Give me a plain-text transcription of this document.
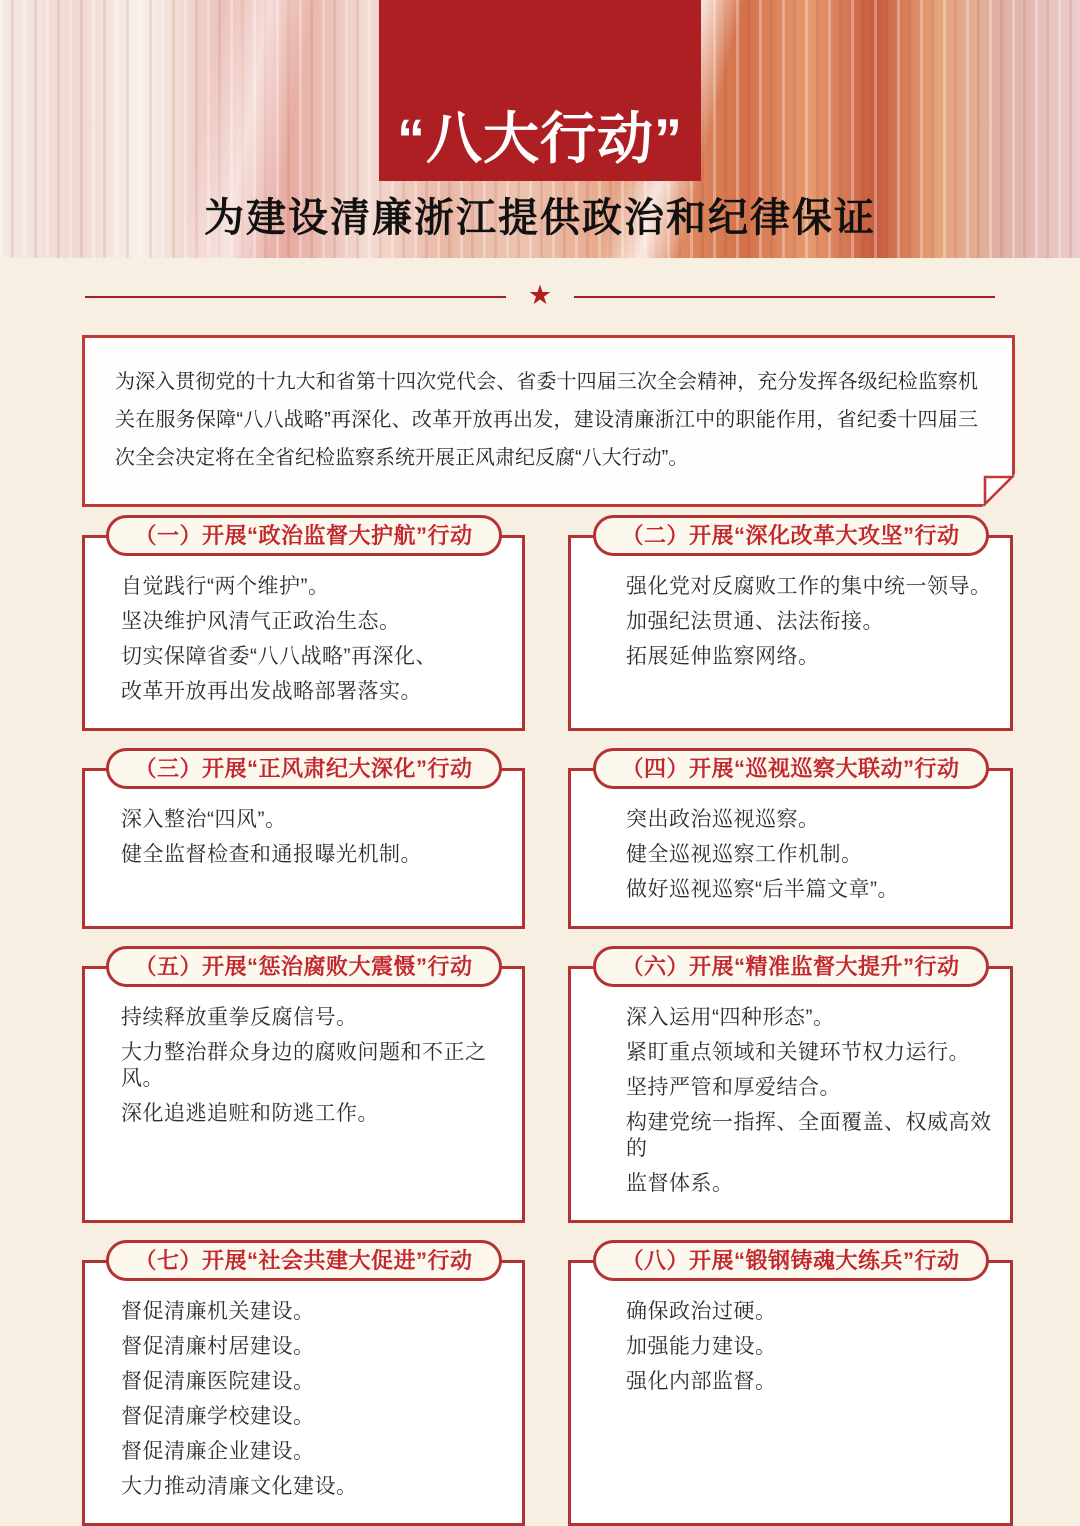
“八大行动”
为建设清廉浙江提供政治和纪律保证
★
为深入贯彻党的十九大和省第十四次党代会、省委十四届三次全会精神，充分发挥各级纪检监察机关在服务保障“八八战略”再深化、改革开放再出发，建设清廉浙江中的职能作用，省纪委十四届三次全会决定将在全省纪检监察系统开展正风肃纪反腐“八大行动”。
（一）开展“政治监督大护航”行动
自觉践行“两个维护”。
坚决维护风清气正政治生态。
切实保障省委“八八战略”再深化、
改革开放再出发战略部署落实。
（二）开展“深化改革大攻坚”行动
强化党对反腐败工作的集中统一领导。
加强纪法贯通、法法衔接。
拓展延伸监察网络。
（三）开展“正风肃纪大深化”行动
深入整治“四风”。
健全监督检查和通报曝光机制。
（四）开展“巡视巡察大联动”行动
突出政治巡视巡察。
健全巡视巡察工作机制。
做好巡视巡察“后半篇文章”。
（五）开展“惩治腐败大震慑”行动
持续释放重拳反腐信号。
大力整治群众身边的腐败问题和不正之风。
深化追逃追赃和防逃工作。
（六）开展“精准监督大提升”行动
深入运用“四种形态”。
紧盯重点领域和关键环节权力运行。
坚持严管和厚爱结合。
构建党统一指挥、全面覆盖、权威高效的
监督体系。
（七）开展“社会共建大促进”行动
督促清廉机关建设。
督促清廉村居建设。
督促清廉医院建设。
督促清廉学校建设。
督促清廉企业建设。
大力推动清廉文化建设。
（八）开展“锻钢铸魂大练兵”行动
确保政治过硬。
加强能力建设。
强化内部监督。
